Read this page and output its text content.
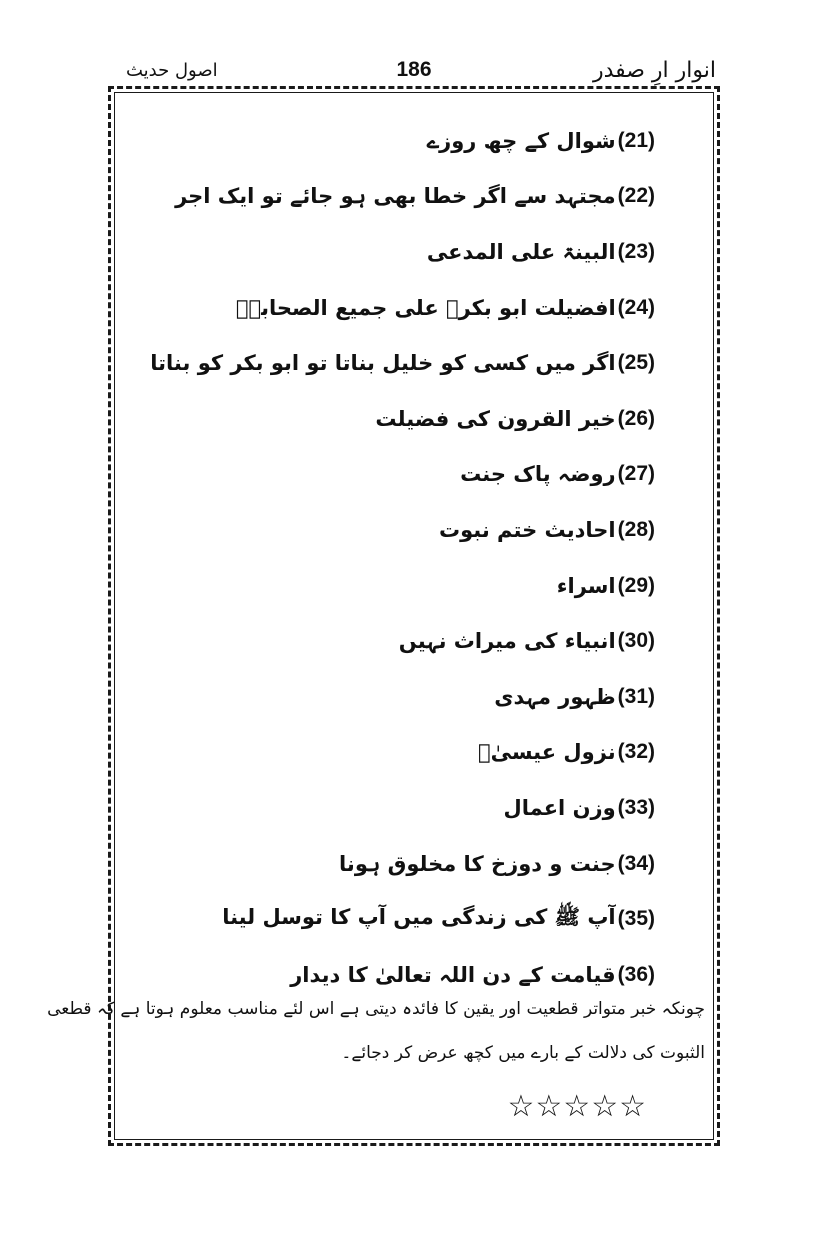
انوار ارِ صفدر
186
اصول حدیث
(21)
شوال کے چھ روزے
(22)
مجتہد سے اگر خطا بھی ہو جائے تو ایک اجر
(23)
البینۃ علی المدعی
(24)
افضیلت ابو بکرؓ علی جمیع الصحابہؓ
(25)
اگر میں کسی کو خلیل بناتا تو ابو بکر کو بناتا
(26)
خیر القرون کی فضیلت
(27)
روضہ پاک جنت
(28)
احادیث ختم نبوت
(29)
اسراء
(30)
انبیاء کی میراث نہیں
(31)
ظہور مہدی
(32)
نزول عیسیٰؑ
(33)
وزن اعمال
(34)
جنت و دوزخ کا مخلوق ہونا
(35)
آپ ﷺ کی زندگی میں آپ کا توسل لینا
(36)
قیامت کے دن اللہ تعالیٰ کا دیدار
چونکہ خبر متواتر قطعیت اور یقین کا فائدہ دیتی ہے اس لئے مناسب معلوم ہوتا ہے کہ قطعی
الثبوت کی دلالت کے بارے میں کچھ عرض کر دجائے۔
☆☆☆☆☆
